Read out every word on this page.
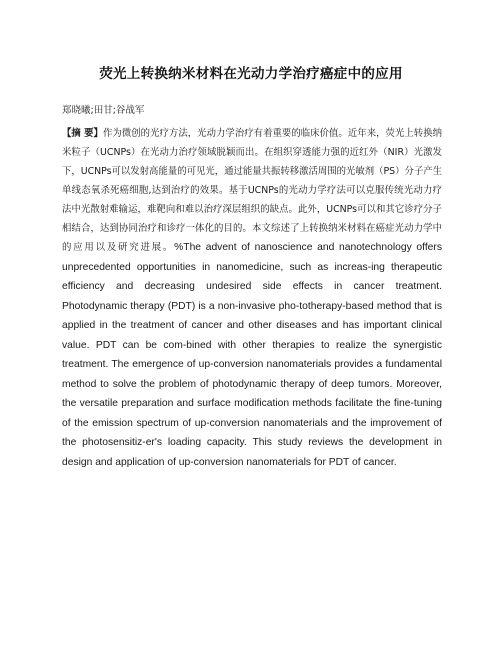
荧光上转换纳米材料在光动力学治疗癌症中的应用
郑晓曦;田甘;谷战军
【摘 要】作为微创的光疗方法，光动力学治疗有着重要的临床价值。近年来，荧光上转换纳米粒子（UCNPs）在光动力治疗领域脱颖而出。在组织穿透能力强的近红外（NIR）光激发下，UCNPs可以发射高能量的可见光，通过能量共振转移激活周围的光敏剂（PS）分子产生单线态氧杀死癌细胞,达到治疗的效果。基于UCNPs的光动力学疗法可以克服传统光动力疗法中光散射难输运，难靶向和难以治疗深层组织的缺点。此外，UCNPs可以和其它诊疗分子相结合，达到协同治疗和诊疗一体化的目的。本文综述了上转换纳米材料在癌症光动力学中的应用以及研究进展。%The advent of nanoscience and nanotechnology offers unprecedented opportunities in nanomedicine, such as increas-ing therapeutic efficiency and decreasing undesired side effects in cancer treatment. Photodynamic therapy (PDT) is a non-invasive pho-totherapy-based method that is applied in the treatment of cancer and other diseases and has important clinical value. PDT can be com-bined with other therapies to realize the synergistic treatment. The emergence of up-conversion nanomaterials provides a fundamental method to solve the problem of photodynamic therapy of deep tumors. Moreover, the versatile preparation and surface modification methods facilitate the fine-tuning of the emission spectrum of up-conversion nanomaterials and the improvement of the photosensitiz-er's loading capacity. This study reviews the development in design and application of up-conversion nanomaterials for PDT of cancer.
